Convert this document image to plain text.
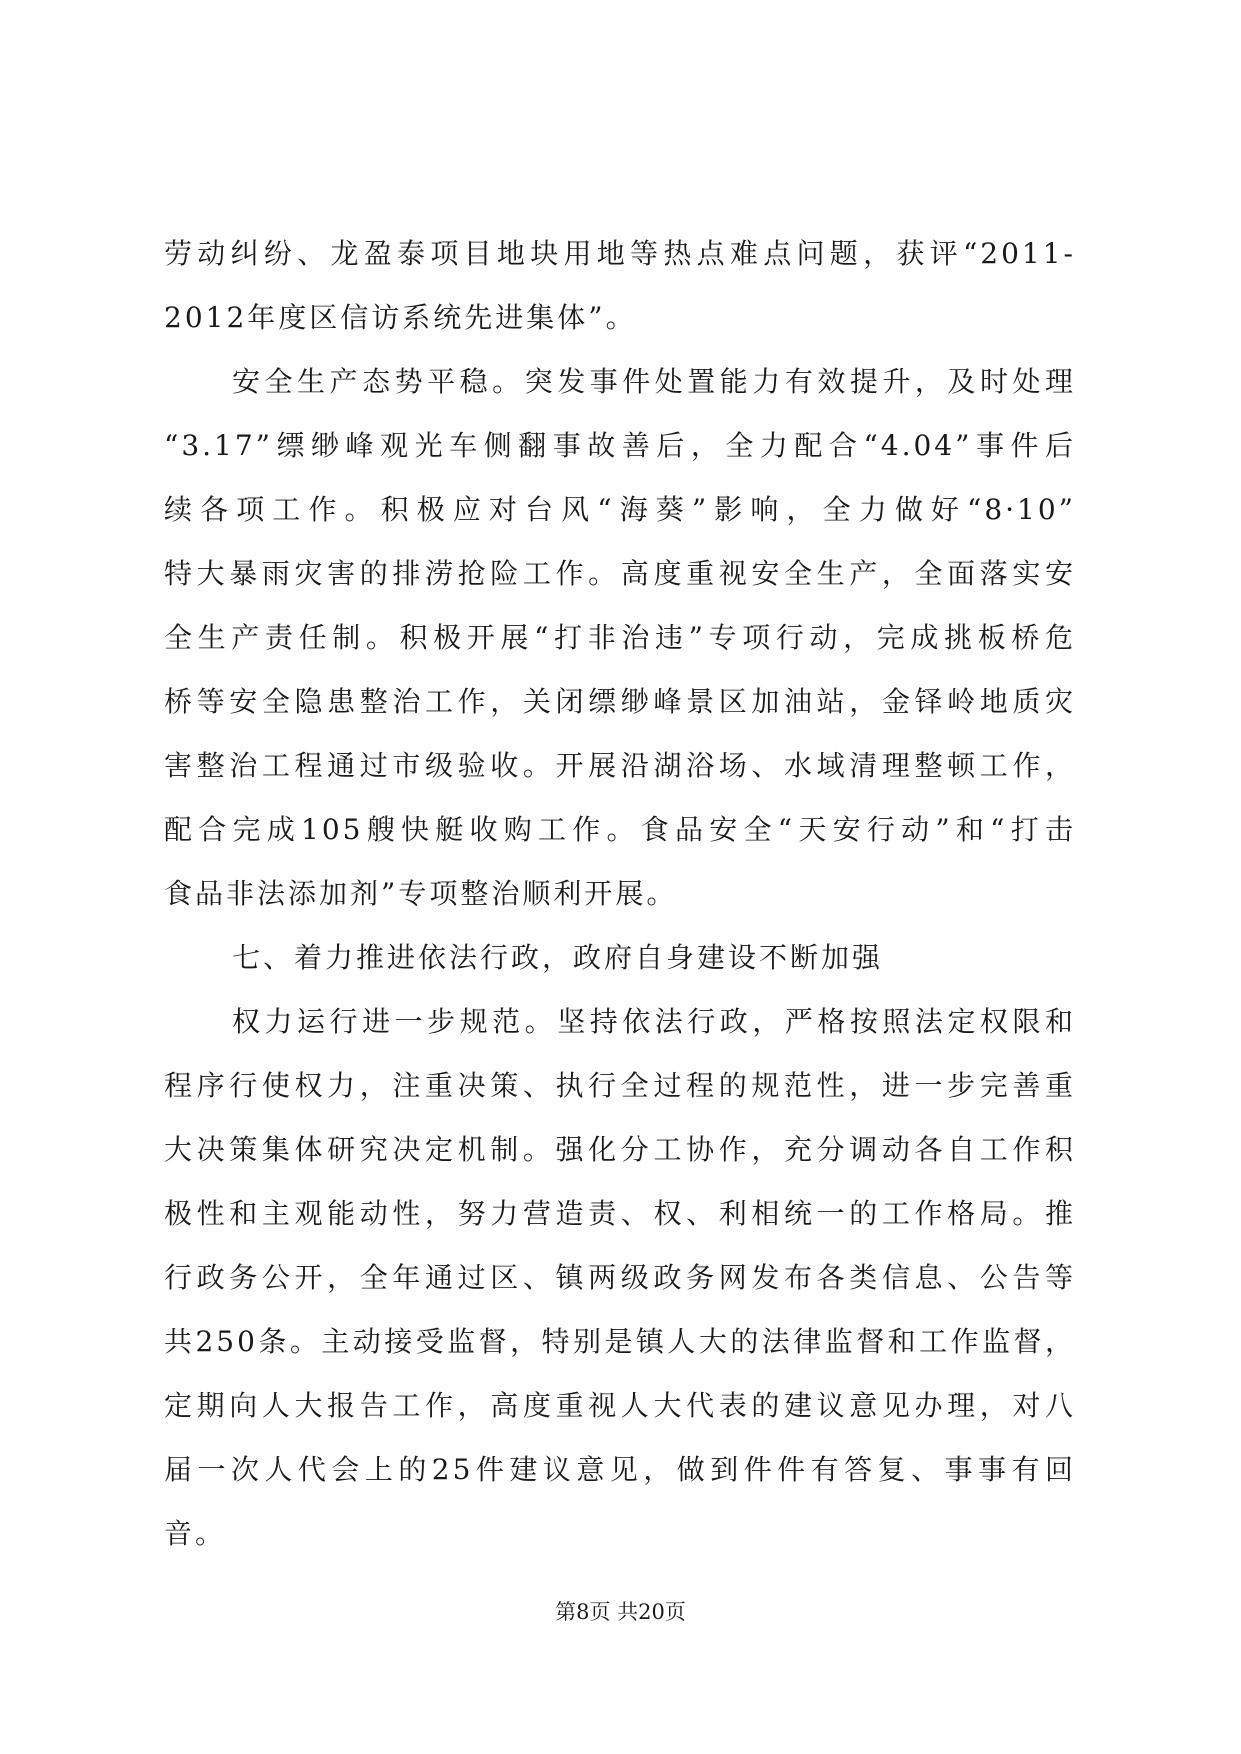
劳动纠纷、龙盈泰项目地块用地等热点难点问题，获评“2011-
2012年度区信访系统先进集体”。
安全生产态势平稳。突发事件处置能力有效提升，及时处理
“3.17”缥缈峰观光车侧翻事故善后，全力配合“4.04”事件后
续各项工作。积极应对台风“海葵”影响，全力做好“8·10”
特大暴雨灾害的排涝抢险工作。高度重视安全生产，全面落实安
全生产责任制。积极开展“打非治违”专项行动，完成挑板桥危
桥等安全隐患整治工作，关闭缥缈峰景区加油站，金铎岭地质灾
害整治工程通过市级验收。开展沿湖浴场、水域清理整顿工作，
配合完成105艘快艇收购工作。食品安全“天安行动”和“打击
食品非法添加剂”专项整治顺利开展。
七、着力推进依法行政，政府自身建设不断加强
权力运行进一步规范。坚持依法行政，严格按照法定权限和
程序行使权力，注重决策、执行全过程的规范性，进一步完善重
大决策集体研究决定机制。强化分工协作，充分调动各自工作积
极性和主观能动性，努力营造责、权、利相统一的工作格局。推
行政务公开，全年通过区、镇两级政务网发布各类信息、公告等
共250条。主动接受监督，特别是镇人大的法律监督和工作监督，
定期向人大报告工作，高度重视人大代表的建议意见办理，对八
届一次人代会上的25件建议意见，做到件件有答复、事事有回
音。
第8页 共20页
